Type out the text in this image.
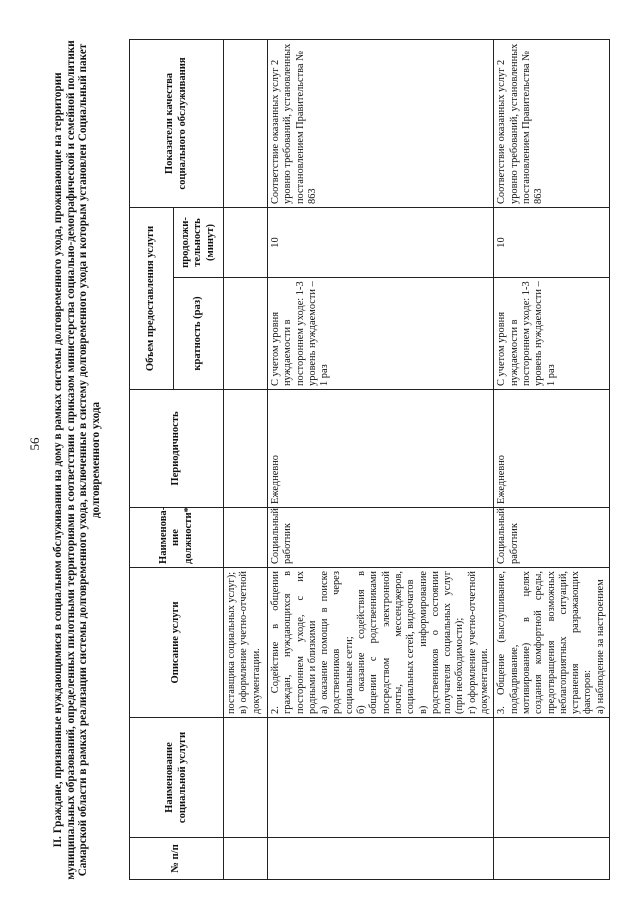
56 II. Граждане, признанные нуждающимися в социальном обслуживании на дому в рамках системы долговременного ухода, проживающие на территории муниципальных образований, определенных пилотными территориями в соответствии с приказом министерства социально-демографической и семейной политики Самарской области в рамках реализации системы долговременного ухода, включенные в систему долговременного ухода и которым установлен Социальный пакет долговременного ухода
№ п/п	Наименование социальной услуги	Описание услуги	Наименова-ние должности*	Периодичность	Объем предоставления услуги		Показатели качества социального обслуживания
					кратность (раз)	продолжи-тельность (минут)	

		поставщика социальных услуг); в) оформление учетно-отчетной документации.					

		2. Содействие в общении граждан, нуждающихся в постороннем уходе, с их родными и близкими а) оказание помощи в поиске родственников через социальные сети; б) оказание содействия в общении с родственниками посредством электронной почты, мессенджеров, социальных сетей, видеочатов в) информирование родственников о состоянии получателя социальных услуг (при необходимости); г) оформление учетно-отчетной документации.	Социальный работник	Ежедневно	С учетом уровня нуждаемости в постороннем уходе: 1-3 уровень нуждаемости – 1 раз	10	Соответствие оказанных услуг 2 уровню требований, установленных постановлением Правительства № 863

		3. Общение (выслушивание, подбадривание, мотивирование) в целях создания комфортной среды, предотвращения возможных неблагоприятных ситуаций, устранения разражающих факторов: а) наблюдение за настроением	Социальный работник	Ежедневно	С учетом уровня нуждаемости в постороннем уходе: 1-3 уровень нуждаемости – 1 раз	10	Соответствие оказанных услуг 2 уровню требований, установленных постановлением Правительства № 863
